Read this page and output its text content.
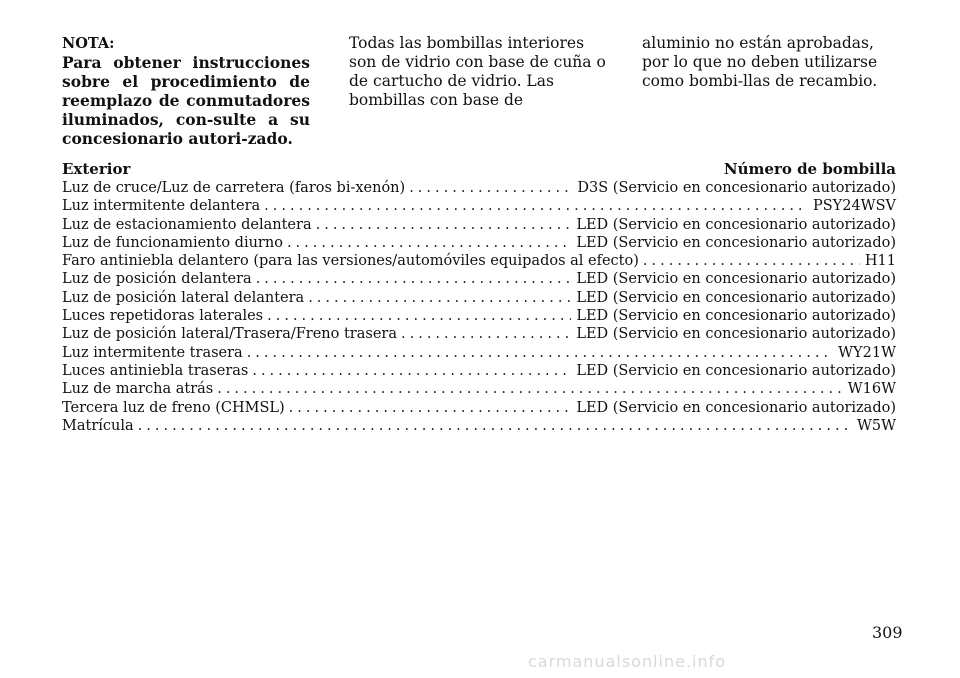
NOTA:

Para obtener instrucciones sobre el procedimiento de reemplazo de conmutadores iluminados, con-sulte a su concesionario autori-zado.

Todas las bombillas interiores son de vidrio con base de cuña o de cartucho de vidrio. Las bombillas con base de

aluminio no están aprobadas, por lo que no deben utilizarse como bombi-llas de recambio.

Exterior	Número de bombilla
Luz de cruce/Luz de carretera (faros bi-xenón) .....	D3S (Servicio en concesionario autorizado)
Luz intermitente delantera .....	PSY24WSV
Luz de estacionamiento delantera .....	LED (Servicio en concesionario autorizado)
Luz de funcionamiento diurno .....	LED (Servicio en concesionario autorizado)
Faro antiniebla delantero (para las versiones/automóviles equipados al efecto) .....	H11
Luz de posición delantera .....	LED (Servicio en concesionario autorizado)
Luz de posición lateral delantera .....	LED (Servicio en concesionario autorizado)
Luces repetidoras laterales .....	LED (Servicio en concesionario autorizado)
Luz de posición lateral/Trasera/Freno trasera .....	LED (Servicio en concesionario autorizado)
Luz intermitente trasera .....	WY21W
Luces antiniebla traseras .....	LED (Servicio en concesionario autorizado)
Luz de marcha atrás .....	W16W
Tercera luz de freno (CHMSL) .....	LED (Servicio en concesionario autorizado)
Matrícula .....	W5W
309
carmanualsonline.info
